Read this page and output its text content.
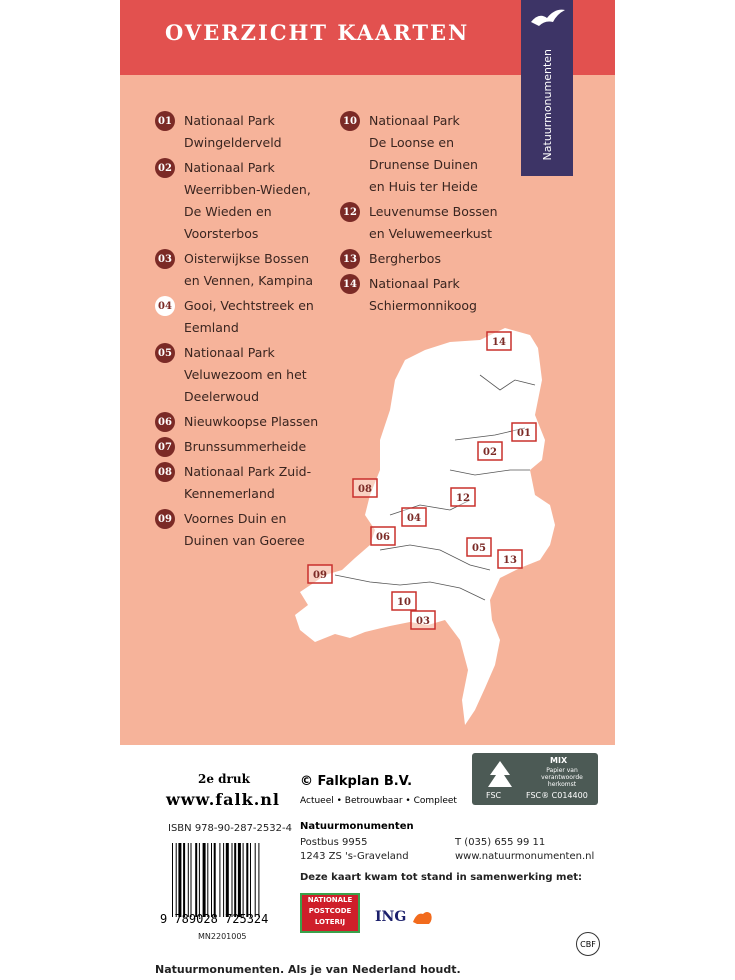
OVERZICHT KAARTEN
Natuurmonumenten
01 Nationaal Park
Dwingelderveld
02 Nationaal Park
Weerribben-Wieden,
De Wieden en
Voorsterbos
03 Oisterwijkse Bossen
en Vennen, Kampina
04 Gooi, Vechtstreek en
Eemland
05 Nationaal Park
Veluwezoom en het
Deelerwoud
06 Nieuwkoopse Plassen
07 Brunssummerheide
08 Nationaal Park Zuid-
Kennemerland
09 Voornes Duin en
Duinen van Goeree
10 Nationaal Park
De Loonse en
Drunense Duinen
en Huis ter Heide
12 Leuvenumse Bossen
en Veluwemeerkust
13 Bergherbos
14 Nationaal Park
Schiermonnikoog
14
01
02
08
12
04
06
05
13
09
10
03
2e druk
www.falk.nl
© Falkplan B.V.
Actueel • Betrouwbaar • Compleet
FSC
MIX
Papier van
verantwoorde herkomst
FSC® C014400
ISBN 978-90-287-2532-4
9 789028 725324
MN2201005
Natuurmonumenten
Postbus 9955
1243 ZS 's-Graveland
T (035) 655 99 11
www.natuurmonumenten.nl
Deze kaart kwam tot stand in samenwerking met:
NATIONALE
POSTCODE
LOTERIJ	ING
CBF
Natuurmonumenten. Als je van Nederland houdt.
